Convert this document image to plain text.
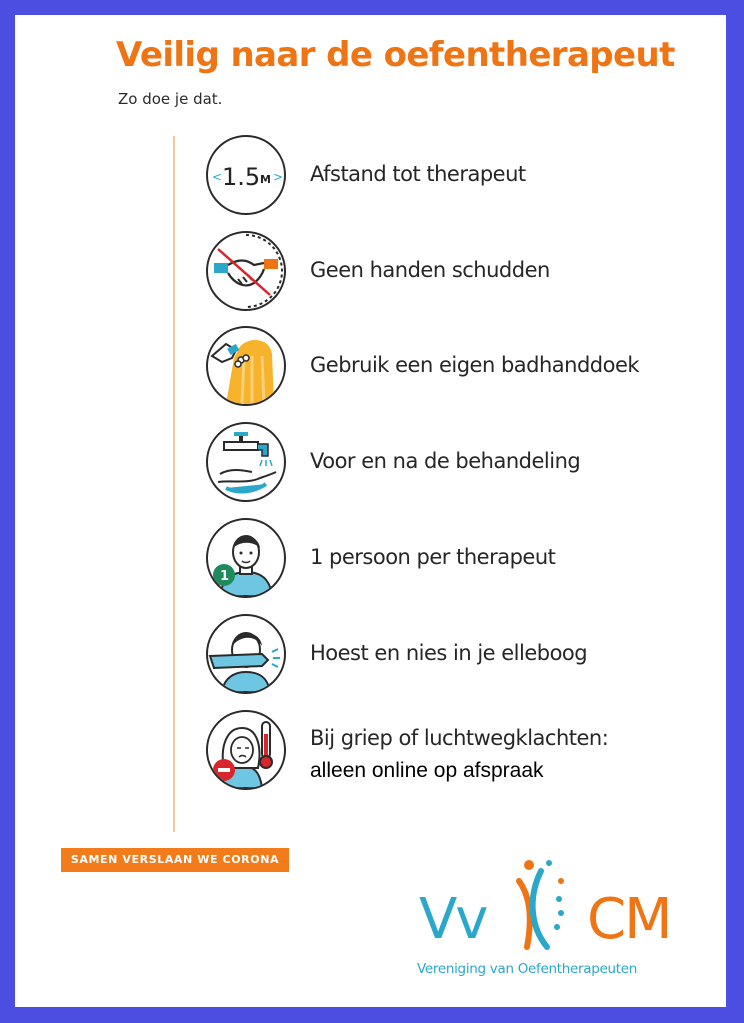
Veilig naar de oefentherapeut
Zo doe je dat.
<	>
1.5 M Afstand tot therapeut
Geen handen schudden
Gebruik een eigen badhanddoek
Voor en na de behandeling
1
1 persoon per therapeut
Hoest en nies in je elleboog
Bij griep of luchtwegklachten:
alleen online op afspraak
SAMEN VERSLAAN WE CORONA
Vv CM
Vereniging van Oefentherapeuten
